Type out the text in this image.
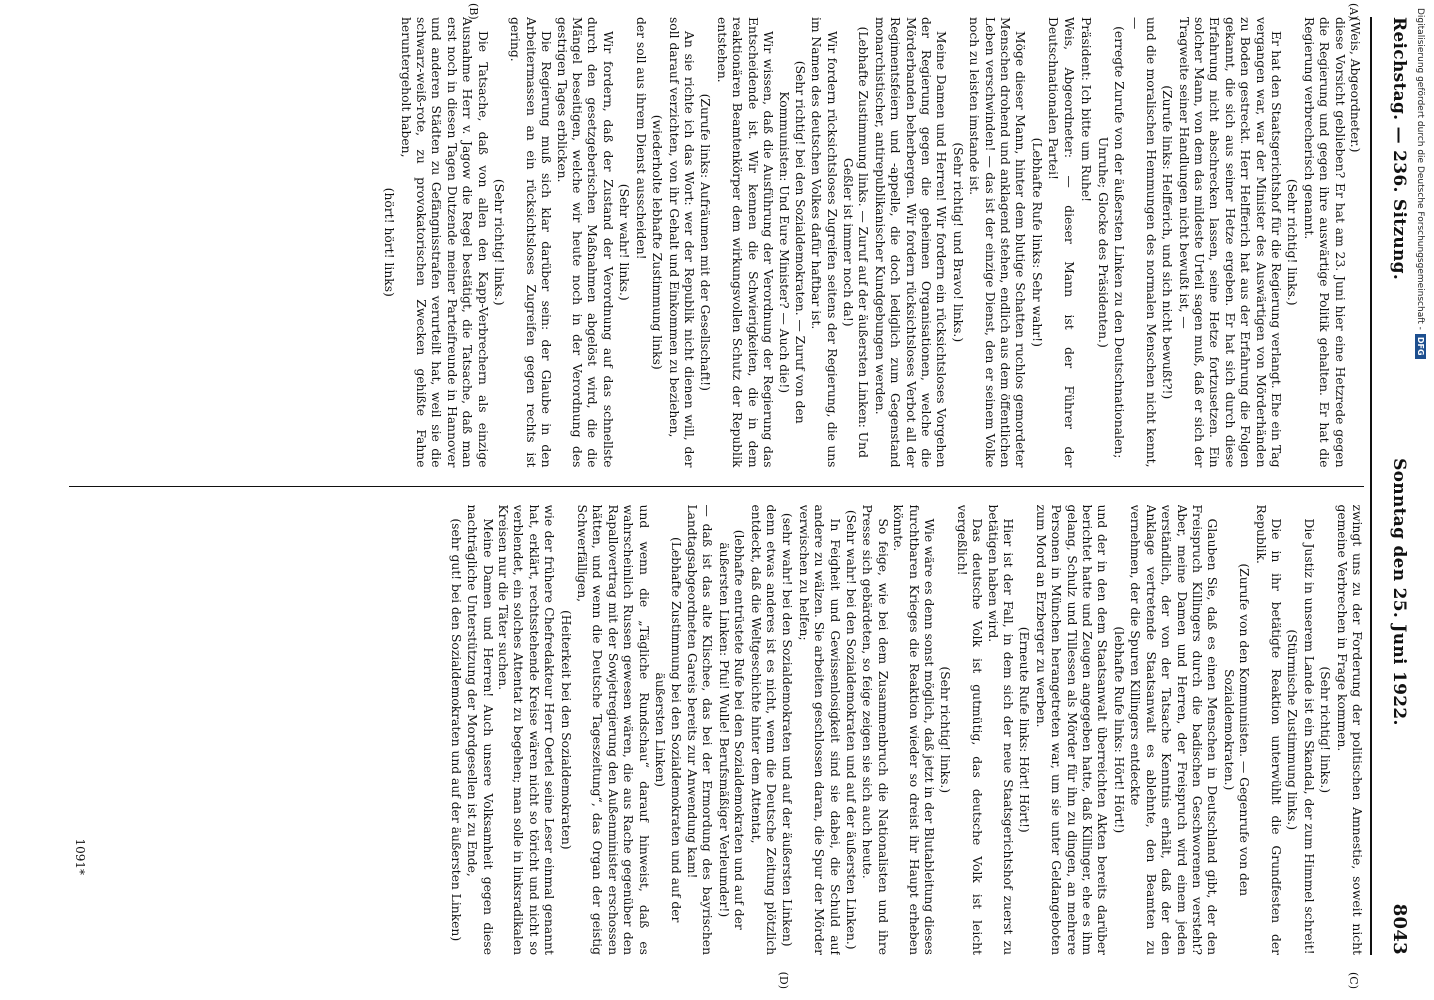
Reichstag. — 236. Sitzung.
Sonntag den 25. Juni 1922.
8043
(A)
(B)

(Weis, Abgeordneter.)

diese Vorsicht geblieben? Er hat am 23. Juni hier eine Hetzrede gegen die Regierung und gegen ihre auswärtige Politik gehalten. Er hat die Regierung verbrecherisch genannt.

(Sehr richtig! links.)

Er hat den Staatsgerichtshof für die Regierung verlangt. Ehe ein Tag vergangen war, war der Minister des Auswärtigen von Mörderhänden zu Boden gestreckt. Herr Helfferich hat aus der Erfahrung die Folgen gekannt, die sich aus seiner Hetze ergeben. Er hat sich durch diese Erfahrung nicht abschrecken lassen, seine Hetze fortzusetzen. Ein solcher Mann, von dem das mildeste Urteil sagen muß, daß er sich der Tragweite seiner Handlungen nicht bewußt ist, —

(Zurufe links: Helfferich, und sich nicht bewußt?!)

und die moralischen Hemmungen des normalen Menschen nicht kennt, —

(erregte Zurufe von der äußersten Linken zu den Deutschnationalen; Unruhe; Glocke des Präsidenten.)

Präsident: Ich bitte um Ruhe!

Weis, Abgeordneter: — dieser Mann ist der Führer der Deutschnationalen Partei!

(Lebhafte Rufe links: Sehr wahr!)

Möge dieser Mann, hinter dem blutige Schatten ruchlos gemordeter Menschen drohend und anklagend stehen, endlich aus dem öffentlichen Leben verschwinden! — das ist der einzige Dienst, den er seinem Volke noch zu leisten imstande ist.

(Sehr richtig! und Bravo! links.)

Meine Damen und Herren! Wir fordern ein rücksichtsloses Vorgehen der Regierung gegen die geheimen Organisationen, welche die Mörderbanden beherbergen. Wir fordern rücksichtsloses Verbot all der Regimentsfeiern und -appelle, die doch lediglich zum Gegenstand monarchistischer, antirepublikanischer Kundgebungen werden.

(Lebhafte Zustimmung links. — Zuruf auf der äußersten Linken: Und Geßler ist immer noch da!)

Wir fordern rücksichtsloses Zugreifen seitens der Regierung, die uns im Namen des deutschen Volkes dafür haftbar ist.

(Sehr richtig! bei den Sozialdemokraten. — Zuruf von den Kommunisten: Und Eure Minister? — Auch die!)

Wir wissen, daß die Ausführung der Verordnung der Regierung das Entscheidende ist. Wir kennen die Schwierigkeiten, die in dem reaktionären Beamtenkörper dem wirkungsvollen Schutz der Republik entstehen.

(Zurufe links: Aufräumen mit der Gesellschaft!)

An sie richte ich das Wort: wer der Republik nicht dienen will, der soll darauf verzichten, von ihr Gehalt und Einkommen zu beziehen,

(wiederholte lebhafte Zustimmung links)

der soll aus ihrem Dienst ausscheiden!

(Sehr wahr! links.)

Wir fordern, daß der Zustand der Verordnung auf das schnellste durch den gesetzgeberischen Maßnahmen abgelöst wird, die die Mängel beseitigen, welche wir heute noch in der Verordnung des gestrigen Tages erblicken.

Die Regierung muß sich klar darüber sein: der Glaube in den Arbeitermassen an ein rücksichtsloses Zugreifen gegen rechts ist gering.

(Sehr richtig! links.)

Die Tatsache, daß von allen den Kapp-Verbrechern als einzige Ausnahme Herr v. Jagow die Regel bestätigt, die Tatsache, daß man erst noch in diesen Tagen Dutzende meiner Parteifreunde in Hannover und anderen Städten zu Gefängnisstrafen verurteilt hat, weil sie die schwarz-weiß-rote, zu provokatorischen Zwecken gehißte Fahne heruntergeholt haben,

(hört! hört! links)

zwingt uns zu der Forderung der politischen Amnestie, soweit nicht gemeine Verbrechen in Frage kommen.

(Sehr richtig! links.)

Die Justiz in unserem Lande ist ein Skandal, der zum Himmel schreit!

(Stürmische Zustimmung links.)

Die in ihr betätigte Reaktion unterwühlt die Grundfesten der Republik.

(Zurufe von den Kommunisten. — Gegenrufe von den Sozialdemokraten.)

Glauben Sie, daß es einen Menschen in Deutschland gibt, der den Freispruch Killingers durch die badischen Geschworenen versteht? Aber, meine Damen und Herren, der Freispruch wird einem jeden verständlich, der von der Tatsache Kenntnis erhält, daß der den Anklage vertretende Staatsanwalt es ablehnte, den Beamten zu vernehmen, der die Spuren Killingers entdeckte

(lebhafte Rufe links: Hört! Hört!)

und der in den dem Staatsanwalt überreichten Akten bereits darüber berichtet hatte und Zeugen angegeben hatte, daß Killinger, ehe es ihm gelang, Schulz und Tillessen als Mörder für ihn zu dingen, an mehrere Personen in München herangetreten war, um sie unter Geldangeboten zum Mord an Erzberger zu werben.

(Erneute Rufe links: Hört! Hört!)

Hier ist der Fall, in dem sich der neue Staatsgerichtshof zuerst zu betätigen haben wird.

Das deutsche Volk ist gutmütig, das deutsche Volk ist leicht vergeßlich!

(Sehr richtig! links.)

Wie wäre es denn sonst möglich, daß jetzt in der Blutableitung dieses furchtbaren Krieges die Reaktion wieder so dreist ihr Haupt erheben könnte.

So feige, wie bei dem Zusammenbruch die Nationalisten und ihre Presse sich gebärdeten, so feige zeigen sie sich auch heute.

(Sehr wahr! bei den Sozialdemokraten und auf der äußersten Linken.)

In Feigheit und Gewissenlosigkeit sind sie dabei, die Schuld auf andere zu wälzen. Sie arbeiten geschlossen daran, die Spur der Mörder verwischen zu helfen;

(sehr wahr! bei den Sozialdemokraten und auf der äußersten Linken)

denn etwas anderes ist es nicht, wenn die Deutsche Zeitung plötzlich entdeckt, daß die Weltgeschichte hinter dem Attentat,

(lebhafte entrüstete Rufe bei den Sozialdemokraten und auf der äußersten Linken: Pfui! Wulle! Berufsmäßiger Verleumder!)

— daß ist das alte Klischee, das bei der Ermordung des bayrischen Landtagsabgeordneten Gareis bereits zur Anwendung kam!

(Lebhafte Zustimmung bei den Sozialdemokraten und auf der äußersten Linken)

und wenn die „Tägliche Rundschau“ darauf hinweist, daß es wahrscheinlich Russen gewesen wären, die aus Rache gegenüber den Rapallovertrag mit der Sowjetregierung den Außenminister erschossen hätten, und wenn die Deutsche Tageszeitung“, das Organ der geistig Schwerfälligen,

(Heiterkeit bei den Sozialdemokraten)

wie der frühere Chefredakteur Herr Oertel seine Leser einmal genannt hat, erklärt, rechtsstehende Kreise wären nicht so töricht und nicht so verblendet, ein solches Attentat zu begehen; man solle in linksradikalen Kreisen nur die Täter suchen.

Meine Damen und Herren! Auch unsere Volksamheit gegen diese nachträgliche Unterstützung der Mordgesellen ist zu Ende,

(sehr gut! bei den Sozialdemokraten und auf der äußersten Linken)

(C)
(D)
1091*
Digitalisierung gefördert durch die Deutsche Forschungsgemeinschaft -
DFG
